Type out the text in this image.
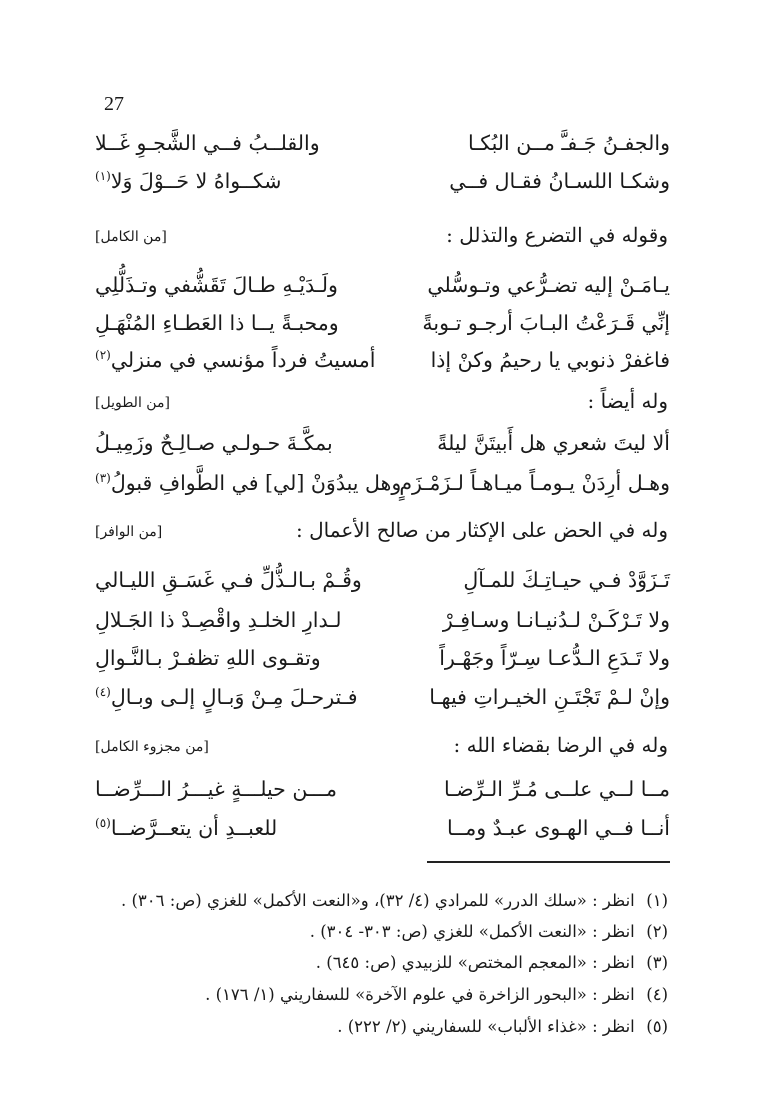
27
والجفـنُ جَـفـَّ مــن البُكـا
والقلــبُ فــي الشَّجـوِ غَــلا
وشكـا اللسـانُ فقـال فــي
شكــواهُ لا حَــوْلَ وَلا$^{(١)}$
وقوله في التضرع والتذلل :
[من الكامل]
يـامَـنْ إليه تضـرُّعي وتـوسُّلي
ولَـدَيْـهِ طـالَ تَقَشُّفي وتـذَلُّلِي
إنِّي قَـرَعْتُ البـابَ أرجـو تـوبةً
ومحبـةً يــا ذا العَطـاءِ المُنْهَـلِ
فاغفرْ ذنوبي يا رحيمُ وكنْ إذا
أمسيتُ فرداً مؤنسي في منزلي$^{(٢)}$
وله أيضاً :
[من الطويل]
ألا ليتَ شعري هل أَبيتَنَّ ليلةً
بمكَّـةَ حـولـي صـالِـحٌ وزَمِيـلُ
وهـل أرِدَنْ يـومـاً ميـاهـاً لـزَمْـزَمٍ
وهل يبدُوَنْ [لي] في الطَّوافِ قبولُ$^{(٣)}$
وله في الحض على الإكثار من صالح الأعمال :
[من الوافر]
تَـزَوَّدْ فـي حيـاتِـكَ للمـآلِ
وقُـمْ بـالـذُّلِّ فـي غَسَـقِ الليـالي
ولا تَـرْكَـنْ لـدُنيـانـا وسـافِـرْ
لـدارِ الخلـدِ واقْصِـدْ ذا الجَـلالِ
ولا تَـدَعِ الـدُّعـا سِـرّاً وجَهْـراً
وتقـوى اللهِ تظفـرْ بـالنَّـوالِ
وإنْ لـمْ تَجْتَـنِ الخيـراتِ فيهـا
فـترحـلَ مِـنْ وَبـالٍ إلـى وبـالِ$^{(٤)}$
وله في الرضا بقضاء الله :
[من مجزوء الكامل]
مــا لــي علــى مُـرِّ الـرِّضـا
مـــن حيلـــةٍ غيـــرُ الـــرِّضــا
أنــا فــي الهـوى عبـدٌ ومــا
للعبــدِ أن يتعــرَّضــا$^{(٥)}$
(١) انظر : «سلك الدرر» للمرادي (٤/ ٣٢)، و«النعت الأكمل» للغزي (ص: ٣٠٦) .
(٢) انظر : «النعت الأكمل» للغزي (ص: ٣٠٣- ٣٠٤) .
(٣) انظر : «المعجم المختص» للزبيدي (ص: ٦٤٥) .
(٤) انظر : «البحور الزاخرة في علوم الآخرة» للسفاريني (١/ ١٧٦) .
(٥) انظر : «غذاء الألباب» للسفاريني (٢/ ٢٢٢) .
